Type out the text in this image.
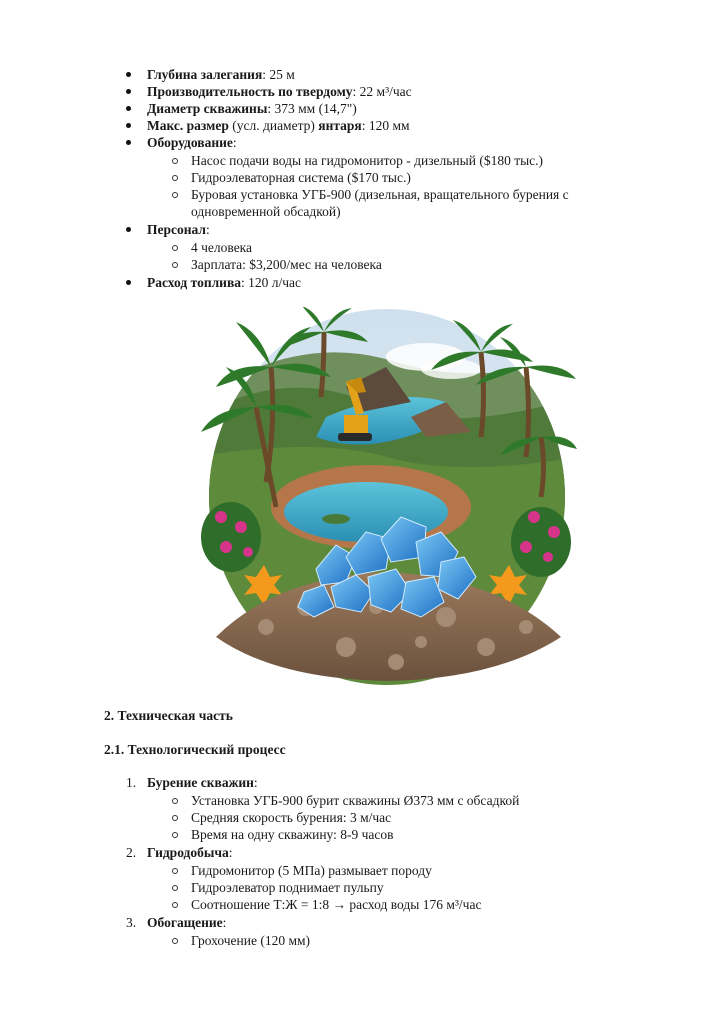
Глубина залегания: 25 м
Производительность по твердому: 22 м³/час
Диаметр скважины: 373 мм (14,7")
Макс. размер (усл. диаметр) янтаря: 120 мм
Оборудование:
Насос подачи воды на гидромонитор - дизельный ($180 тыс.)
Гидроэлеваторная система ($170 тыс.)
Буровая установка УГБ-900 (дизельная, вращательного бурения с одновременной обсадкой)
Персонал:
4 человека
Зарплата: $3,200/мес на человека
Расход топлива: 120 л/час
2. Техническая часть
2.1. Технологический процесс
1. Бурение скважин:
Установка УГБ-900 бурит скважины Ø373 мм с обсадкой
Средняя скорость бурения: 3 м/час
Время на одну скважину: 8-9 часов
2. Гидродобыча:
Гидромонитор (5 МПа) размывает породу
Гидроэлеватор поднимает пульпу
Соотношение Т:Ж = 1:8 → расход воды 176 м³/час
3. Обогащение:
Грохочение (120 мм)
